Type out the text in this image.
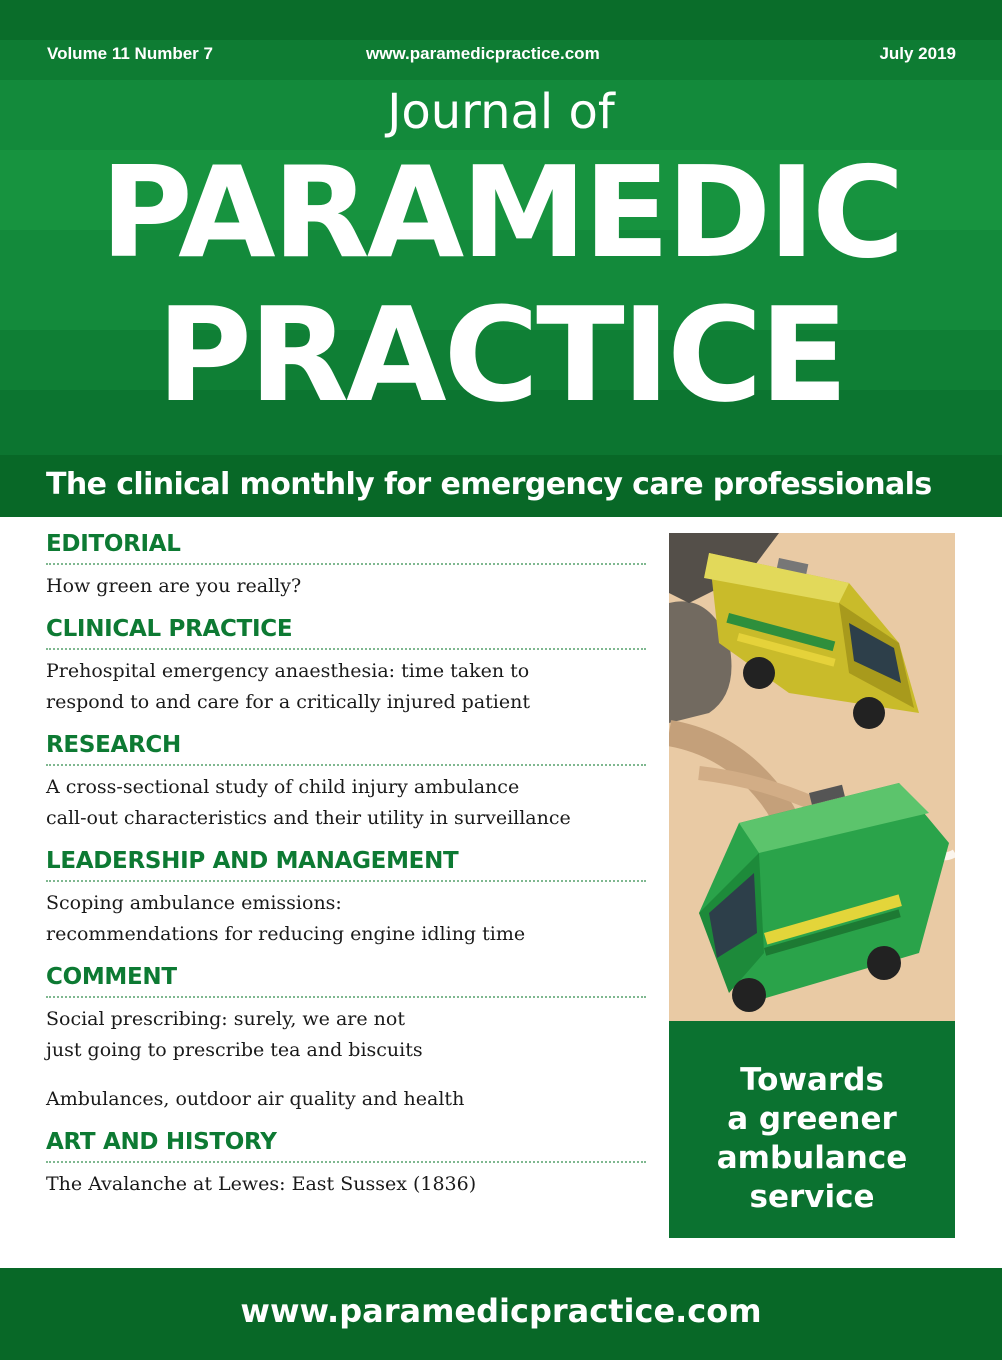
Volume 11 Number 7	www.paramedicpractice.com	July 2019
Journal of
PARAMEDIC
PRACTICE
The clinical monthly for emergency care professionals
EDITORIAL
How green are you really?
CLINICAL PRACTICE
Prehospital emergency anaesthesia: time taken to
respond to and care for a critically injured patient
RESEARCH
A cross-sectional study of child injury ambulance
call-out characteristics and their utility in surveillance
LEADERSHIP AND MANAGEMENT
Scoping ambulance emissions:
recommendations for reducing engine idling time
COMMENT
Social prescribing: surely, we are not
just going to prescribe tea and biscuits
Ambulances, outdoor air quality and health
ART AND HISTORY
The Avalanche at Lewes: East Sussex (1836)
Towards
a greener
ambulance
service
www.paramedicpractice.com
